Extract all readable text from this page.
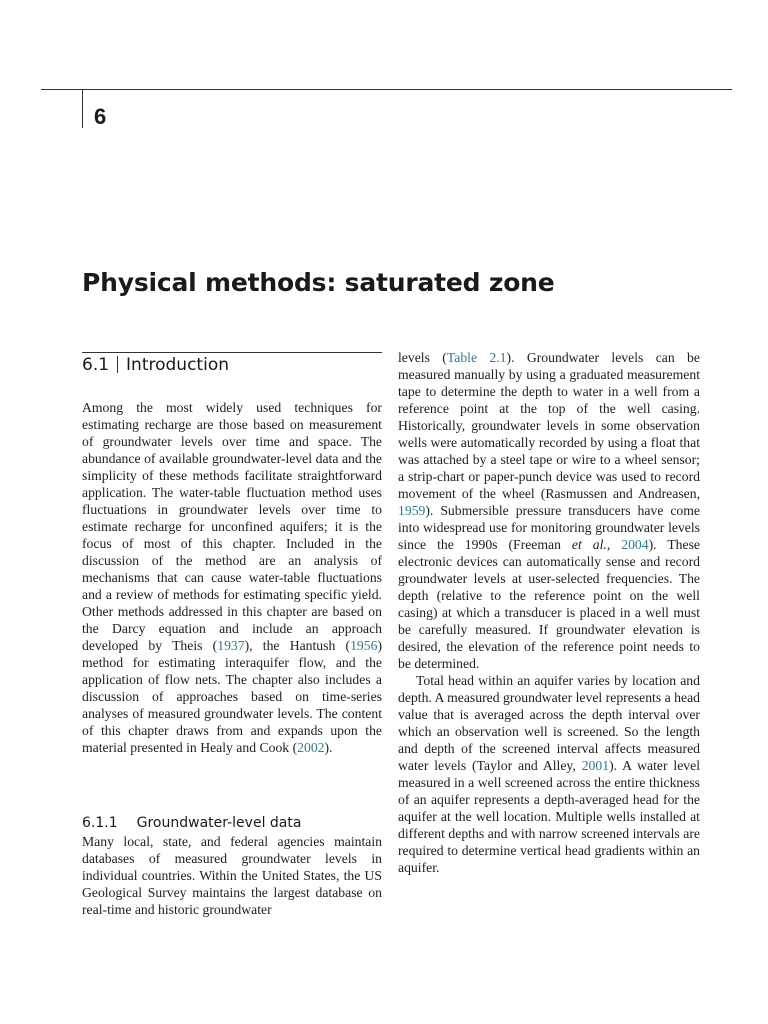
6
Physical methods: saturated zone
6.1 Introduction

Among the most widely used techniques for estimating recharge are those based on measurement of groundwater levels over time and space. The abundance of available groundwater-level data and the simplicity of these methods facilitate straightforward application. The water-table fluctuation method uses fluctuations in groundwater levels over time to estimate recharge for unconfined aquifers; it is the focus of most of this chapter. Included in the discussion of the method are an analysis of mechanisms that can cause water-table fluctuations and a review of methods for estimating specific yield. Other methods addressed in this chapter are based on the Darcy equation and include an approach developed by Theis (1937), the Hantush (1956) method for estimating interaquifer flow, and the application of flow nets. The chapter also includes a discussion of approaches based on time-series analyses of measured groundwater levels. The content of this chapter draws from and expands upon the material presented in Healy and Cook (2002).

6.1.1 Groundwater-level data

Many local, state, and federal agencies maintain databases of measured groundwater levels in individual countries. Within the United States, the US Geological Survey maintains the largest database on real-time and historic groundwater

levels (Table 2.1). Groundwater levels can be measured manually by using a graduated measurement tape to determine the depth to water in a well from a reference point at the top of the well casing. Historically, groundwater levels in some observation wells were automatically recorded by using a float that was attached by a steel tape or wire to a wheel sensor; a strip-chart or paper-punch device was used to record movement of the wheel (Rasmussen and Andreasen, 1959). Submersible pressure transducers have come into widespread use for monitoring groundwater levels since the 1990s (Freeman et al., 2004). These electronic devices can automatically sense and record groundwater levels at user-selected frequencies. The depth (relative to the reference point on the well casing) at which a transducer is placed in a well must be carefully measured. If groundwater elevation is desired, the elevation of the reference point needs to be determined.

Total head within an aquifer varies by location and depth. A measured groundwater level represents a head value that is averaged across the depth interval over which an observation well is screened. So the length and depth of the screened interval affects measured water levels (Taylor and Alley, 2001). A water level measured in a well screened across the entire thickness of an aquifer represents a depth-averaged head for the aquifer at the well location. Multiple wells installed at different depths and with narrow screened intervals are required to determine vertical head gradients within an aquifer.
